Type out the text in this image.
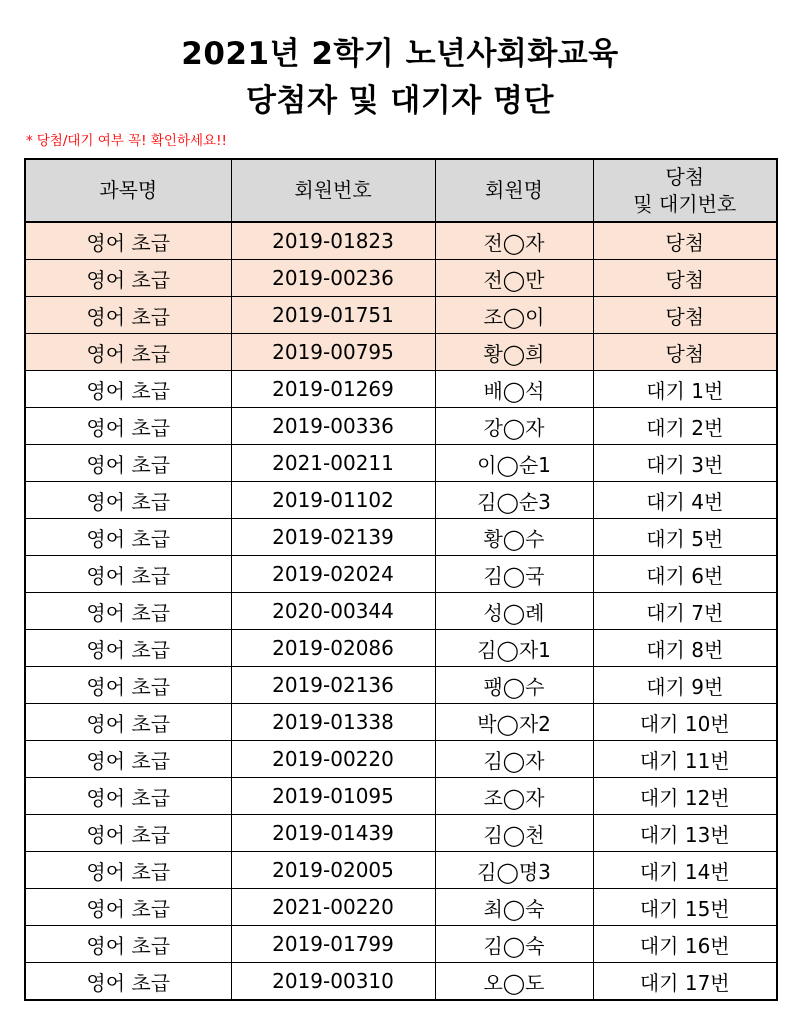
2021년 2학기 노년사회화교육
당첨자 및 대기자 명단
* 당첨/대기 여부 꼭! 확인하세요!!
과목명	회원번호	회원명	당첨
및 대기번호

영어 초급	2019-01823	전◯자	당첨
영어 초급	2019-00236	전◯만	당첨
영어 초급	2019-01751	조◯이	당첨
영어 초급	2019-00795	황◯희	당첨
영어 초급	2019-01269	배◯석	대기 1번
영어 초급	2019-00336	강◯자	대기 2번
영어 초급	2021-00211	이◯순1	대기 3번
영어 초급	2019-01102	김◯순3	대기 4번
영어 초급	2019-02139	황◯수	대기 5번
영어 초급	2019-02024	김◯국	대기 6번
영어 초급	2020-00344	성◯례	대기 7번
영어 초급	2019-02086	김◯자1	대기 8번
영어 초급	2019-02136	팽◯수	대기 9번
영어 초급	2019-01338	박◯자2	대기 10번
영어 초급	2019-00220	김◯자	대기 11번
영어 초급	2019-01095	조◯자	대기 12번
영어 초급	2019-01439	김◯천	대기 13번
영어 초급	2019-02005	김◯명3	대기 14번
영어 초급	2021-00220	최◯숙	대기 15번
영어 초급	2019-01799	김◯숙	대기 16번
영어 초급	2019-00310	오◯도	대기 17번
